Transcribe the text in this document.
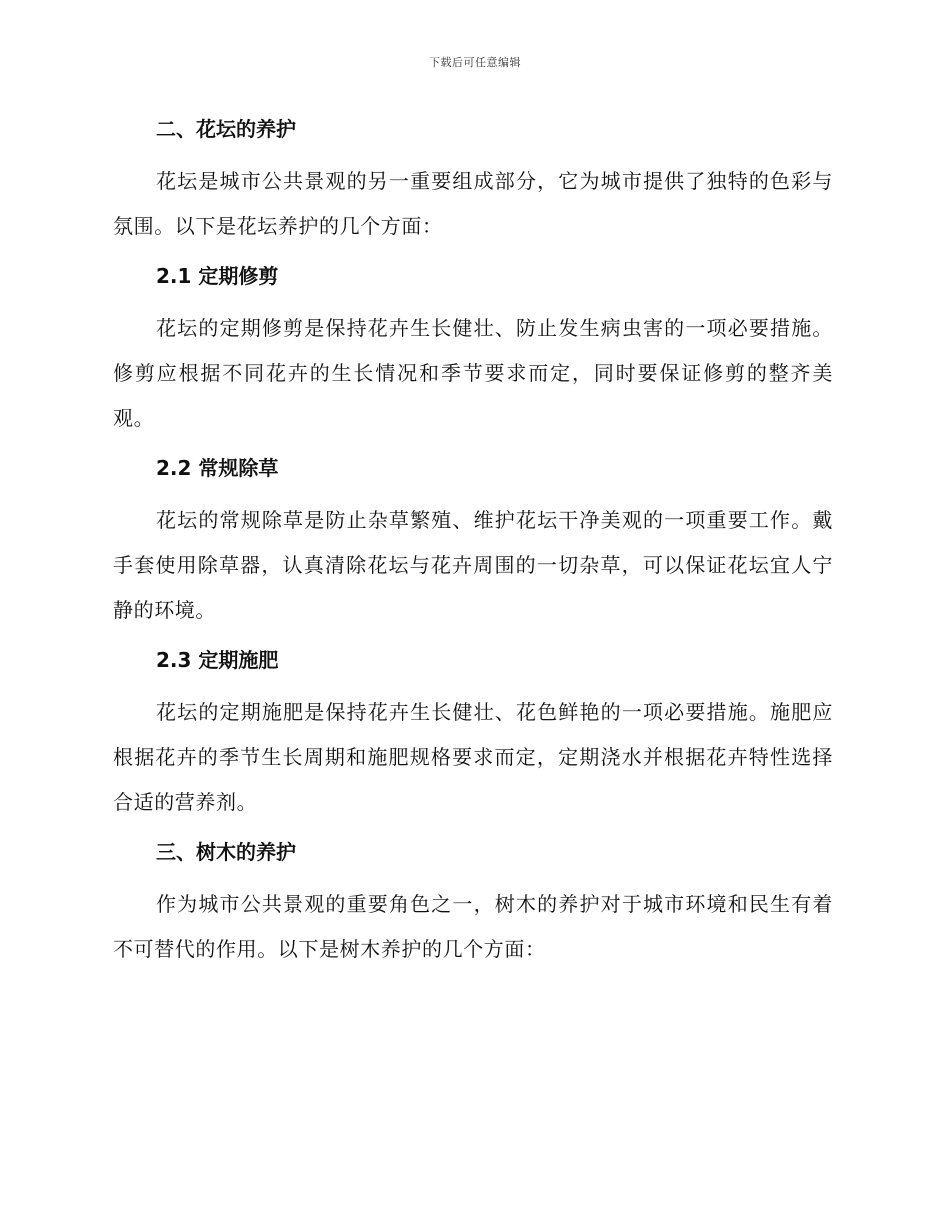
下载后可任意编辑
二、花坛的养护

花坛是城市公共景观的另一重要组成部分，它为城市提供了独特的色彩与氛围。以下是花坛养护的几个方面：

2.1 定期修剪

花坛的定期修剪是保持花卉生长健壮、防止发生病虫害的一项必要措施。修剪应根据不同花卉的生长情况和季节要求而定，同时要保证修剪的整齐美观。

2.2 常规除草

花坛的常规除草是防止杂草繁殖、维护花坛干净美观的一项重要工作。戴手套使用除草器，认真清除花坛与花卉周围的一切杂草，可以保证花坛宜人宁静的环境。

2.3 定期施肥

花坛的定期施肥是保持花卉生长健壮、花色鲜艳的一项必要措施。施肥应根据花卉的季节生长周期和施肥规格要求而定，定期浇水并根据花卉特性选择合适的营养剂。

三、树木的养护

作为城市公共景观的重要角色之一，树木的养护对于城市环境和民生有着不可替代的作用。以下是树木养护的几个方面：
